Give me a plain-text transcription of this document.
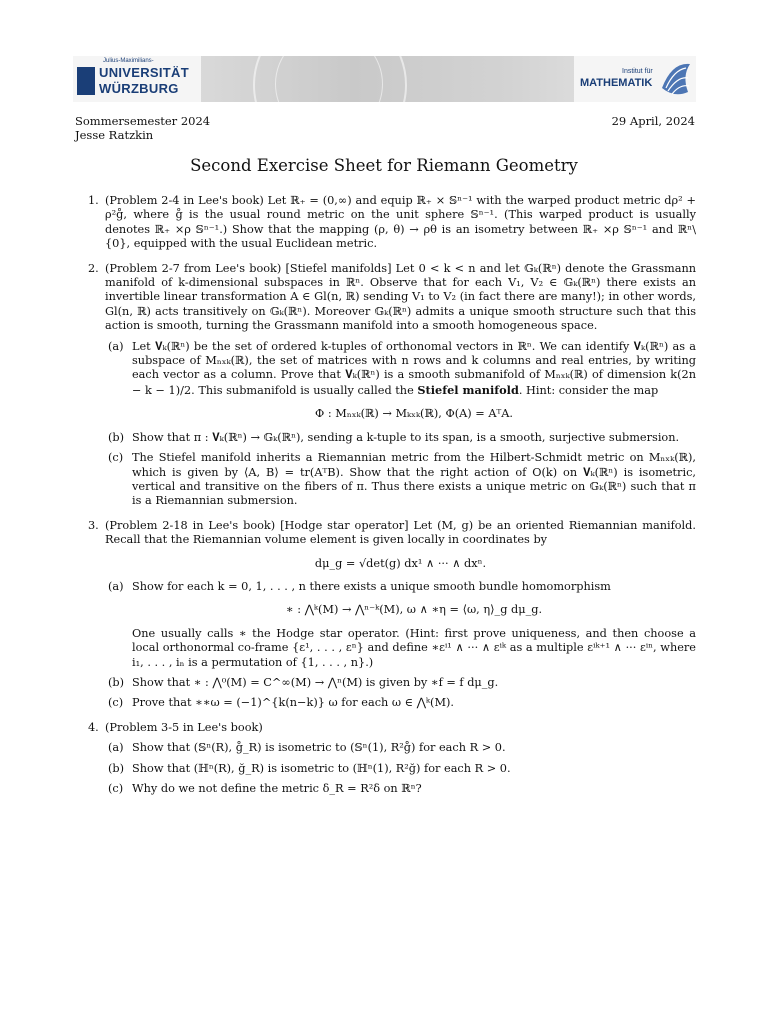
Julius-Maximilians-
UNIVERSITÄT
WÜRZBURG
Institut für
MATHEMATIK
Sommersemester 2024
Jesse Ratzkin
29 April, 2024
Second Exercise Sheet for Riemann Geometry
1. (Problem 2-4 in Lee's book) Let ℝ₊ = (0,∞) and equip ℝ₊ × 𝕊ⁿ⁻¹ with the warped product metric dρ² + ρ²g̊, where g̊ is the usual round metric on the unit sphere 𝕊ⁿ⁻¹. (This warped product is usually denotes ℝ₊ ×ρ 𝕊ⁿ⁻¹.) Show that the mapping (ρ, θ) → ρθ is an isometry between ℝ₊ ×ρ 𝕊ⁿ⁻¹ and ℝⁿ\{0}, equipped with the usual Euclidean metric.

2. (Problem 2-7 from Lee's book) [Stiefel manifolds] Let 0 < k < n and let 𝔾ₖ(ℝⁿ) denote the Grassmann manifold of k-dimensional subspaces in ℝⁿ. Observe that for each V₁, V₂ ∈ 𝔾ₖ(ℝⁿ) there exists an invertible linear transformation A ∈ Gl(n, ℝ) sending V₁ to V₂ (in fact there are many!); in other words, Gl(n, ℝ) acts transitively on 𝔾ₖ(ℝⁿ). Moreover 𝔾ₖ(ℝⁿ) admits a unique smooth structure such that this action is smooth, turning the Grassmann manifold into a smooth homogeneous space.

(a) Let 𝐕ₖ(ℝⁿ) be the set of ordered k-tuples of orthonomal vectors in ℝⁿ. We can identify 𝐕ₖ(ℝⁿ) as a subspace of Mₙₓₖ(ℝ), the set of matrices with n rows and k columns and real entries, by writing each vector as a column. Prove that 𝐕ₖ(ℝⁿ) is a smooth submanifold of Mₙₓₖ(ℝ) of dimension k(2n − k − 1)/2. This submanifold is usually called the Stiefel manifold. Hint: consider the map

Φ : Mₙₓₖ(ℝ) → Mₖₓₖ(ℝ), Φ(A) = AᵀA.
(b) Show that π : 𝐕ₖ(ℝⁿ) → 𝔾ₖ(ℝⁿ), sending a k-tuple to its span, is a smooth, surjective submersion.

(c) The Stiefel manifold inherits a Riemannian metric from the Hilbert-Schmidt metric on Mₙₓₖ(ℝ), which is given by ⟨A, B⟩ = tr(AᵀB). Show that the right action of O(k) on 𝐕ₖ(ℝⁿ) is isometric, vertical and transitive on the fibers of π. Thus there exists a unique metric on 𝔾ₖ(ℝⁿ) such that π is a Riemannian submersion.

3. (Problem 2-18 in Lee's book) [Hodge star operator] Let (M, g) be an oriented Riemannian manifold. Recall that the Riemannian volume element is given locally in coordinates by

dμ_g = √det(g) dx¹ ∧ ··· ∧ dxⁿ.
(a) Show for each k = 0, 1, . . . , n there exists a unique smooth bundle homomorphism

∗ : ⋀ᵏ(M) → ⋀ⁿ⁻ᵏ(M), ω ∧ ∗η = ⟨ω, η⟩_g dμ_g.

One usually calls ∗ the Hodge star operator. (Hint: first prove uniqueness, and then choose a local orthonormal co-frame {ε¹, . . . , εⁿ} and define ∗εⁱ¹ ∧ ··· ∧ εⁱᵏ as a multiple εⁱᵏ⁺¹ ∧ ··· εⁱⁿ, where i₁, . . . , iₙ is a permutation of {1, . . . , n}.)

(b) Show that ∗ : ⋀⁰(M) = C^∞(M) → ⋀ⁿ(M) is given by ∗f = f dμ_g.

(c) Prove that ∗∗ω = (−1)^{k(n−k)} ω for each ω ∈ ⋀ᵏ(M).

4. (Problem 3-5 in Lee's book)

(a) Show that (𝕊ⁿ(R), g̊_R) is isometric to (𝕊ⁿ(1), R²g̊) for each R > 0.

(b) Show that (ℍⁿ(R), ğ_R) is isometric to (ℍⁿ(1), R²ğ) for each R > 0.

(c) Why do we not define the metric δ_R = R²δ on ℝⁿ?
